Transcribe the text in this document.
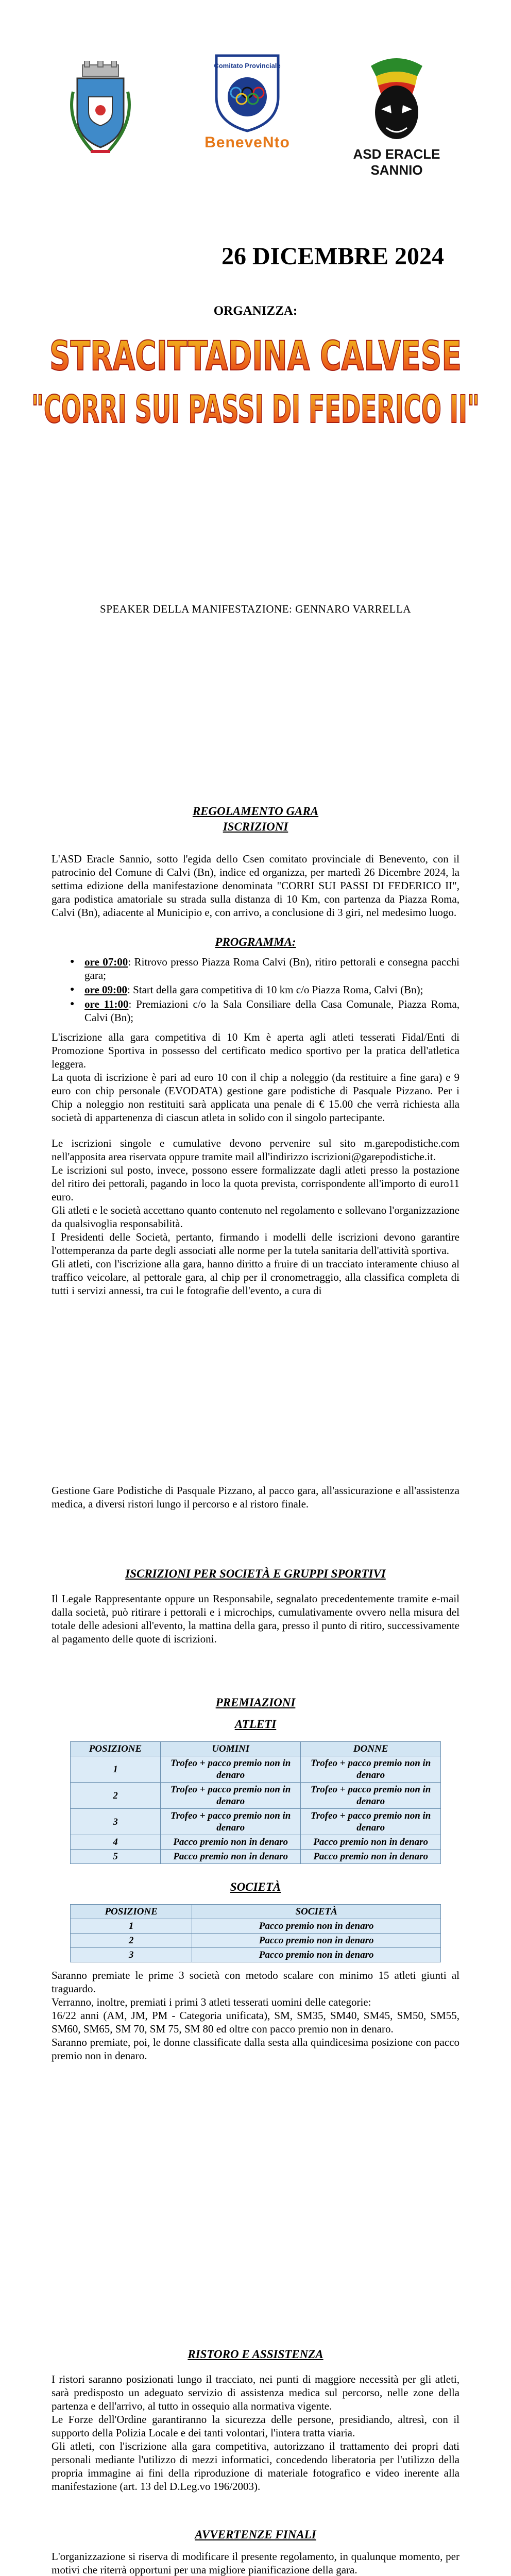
Comitato Provinciale
BeneveNto
ASD ERACLE SANNIO
26 DICEMBRE 2024
ORGANIZZA:
STRACITTADINA CALVESE
"CORRI SUI PASSI DI FEDERICO II"
SPEAKER DELLA MANIFESTAZIONE: GENNARO VARRELLA
REGOLAMENTO GARA
ISCRIZIONI
L'ASD Eracle Sannio, sotto l'egida dello Csen comitato provinciale di Benevento, con il patrocinio del Comune di Calvi (Bn), indice ed organizza, per martedì 26 Dicembre 2024, la settima edizione della manifestazione denominata "CORRI SUI PASSI DI FEDERICO II", gara podistica amatoriale su strada sulla distanza di 10 Km, con partenza da Piazza Roma, Calvi (Bn), adiacente al Municipio e, con arrivo, a conclusione di 3 giri, nel medesimo luogo.
PROGRAMMA:
● ore 07:00: Ritrovo presso Piazza Roma Calvi (Bn), ritiro pettorali e consegna pacchi gara;
● ore 09:00: Start della gara competitiva di 10 km c/o Piazza Roma, Calvi (Bn);
● ore 11:00: Premiazioni c/o la Sala Consiliare della Casa Comunale, Piazza Roma, Calvi (Bn);
L'iscrizione alla gara competitiva di 10 Km è aperta agli atleti tesserati Fidal/Enti di Promozione Sportiva in possesso del certificato medico sportivo per la pratica dell'atletica leggera.
La quota di iscrizione è pari ad euro 10 con il chip a noleggio (da restituire a fine gara) e 9 euro con chip personale (EVODATA) gestione gare podistiche di Pasquale Pizzano. Per i Chip a noleggio non restituiti sarà applicata una penale di € 15.00 che verrà richiesta alla società di appartenenza di ciascun atleta in solido con il singolo partecipante.
Le iscrizioni singole e cumulative devono pervenire sul sito m.garepodistiche.com nell'apposita area riservata oppure tramite mail all'indirizzo iscrizioni@garepodistiche.it.
Le iscrizioni sul posto, invece, possono essere formalizzate dagli atleti presso la postazione del ritiro dei pettorali, pagando in loco la quota prevista, corrispondente all'importo di euro11 euro.
Gli atleti e le società accettano quanto contenuto nel regolamento e sollevano l'organizzazione da qualsivoglia responsabilità.
I Presidenti delle Società, pertanto, firmando i modelli delle iscrizioni devono garantire l'ottemperanza da parte degli associati alle norme per la tutela sanitaria dell'attività sportiva.
Gli atleti, con l'iscrizione alla gara, hanno diritto a fruire di un tracciato interamente chiuso al traffico veicolare, al pettorale gara, al chip per il cronometraggio, alla classifica completa di tutti i servizi annessi, tra cui le fotografie dell'evento, a cura di
Gestione Gare Podistiche di Pasquale Pizzano, al pacco gara, all'assicurazione e all'assistenza medica, a diversi ristori lungo il percorso e al ristoro finale.
ISCRIZIONI PER SOCIETÀ E GRUPPI SPORTIVI
Il Legale Rappresentante oppure un Responsabile, segnalato precedentemente tramite e-mail dalla società, può ritirare i pettorali e i microchips, cumulativamente ovvero nella misura del totale delle adesioni all'evento, la mattina della gara, presso il punto di ritiro, successivamente al pagamento delle quote di iscrizioni.
PREMIAZIONI
ATLETI
POSIZIONE	UOMINI	DONNE
1	Trofeo + pacco premio non in denaro	Trofeo + pacco premio non in denaro
2	Trofeo + pacco premio non in denaro	Trofeo + pacco premio non in denaro
3	Trofeo + pacco premio non in denaro	Trofeo + pacco premio non in denaro
4	Pacco premio non in denaro	Pacco premio non in denaro
5	Pacco premio non in denaro	Pacco premio non in denaro
SOCIETÀ
POSIZIONE	SOCIETÀ
1	Pacco premio non in denaro
2	Pacco premio non in denaro
3	Pacco premio non in denaro
Saranno premiate le prime 3 società con metodo scalare con minimo 15 atleti giunti al traguardo.
Verranno, inoltre, premiati i primi 3 atleti tesserati uomini delle categorie:
16/22 anni (AM, JM, PM - Categoria unificata), SM, SM35, SM40, SM45, SM50, SM55, SM60, SM65, SM 70, SM 75, SM 80 ed oltre con pacco premio non in denaro.
Saranno premiate, poi, le donne classificate dalla sesta alla quindicesima posizione con pacco premio non in denaro.
RISTORO E ASSISTENZA
I ristori saranno posizionati lungo il tracciato, nei punti di maggiore necessità per gli atleti, sarà predisposto un adeguato servizio di assistenza medica sul percorso, nelle zone della partenza e dell'arrivo, al tutto in ossequio alla normativa vigente.
Le Forze dell'Ordine garantiranno la sicurezza delle persone, presidiando, altresì, con il supporto della Polizia Locale e dei tanti volontari, l'intera tratta viaria.
Gli atleti, con l'iscrizione alla gara competitiva, autorizzano il trattamento dei propri dati personali mediante l'utilizzo di mezzi informatici, concedendo liberatoria per l'utilizzo della propria immagine ai fini della riproduzione di materiale fotografico e video inerente alla manifestazione (art. 13 del D.Leg.vo 196/2003).
AVVERTENZE FINALI
L'organizzazione si riserva di modificare il presente regolamento, in qualunque momento, per motivi che riterrà opportuni per una migliore pianificazione della gara.
